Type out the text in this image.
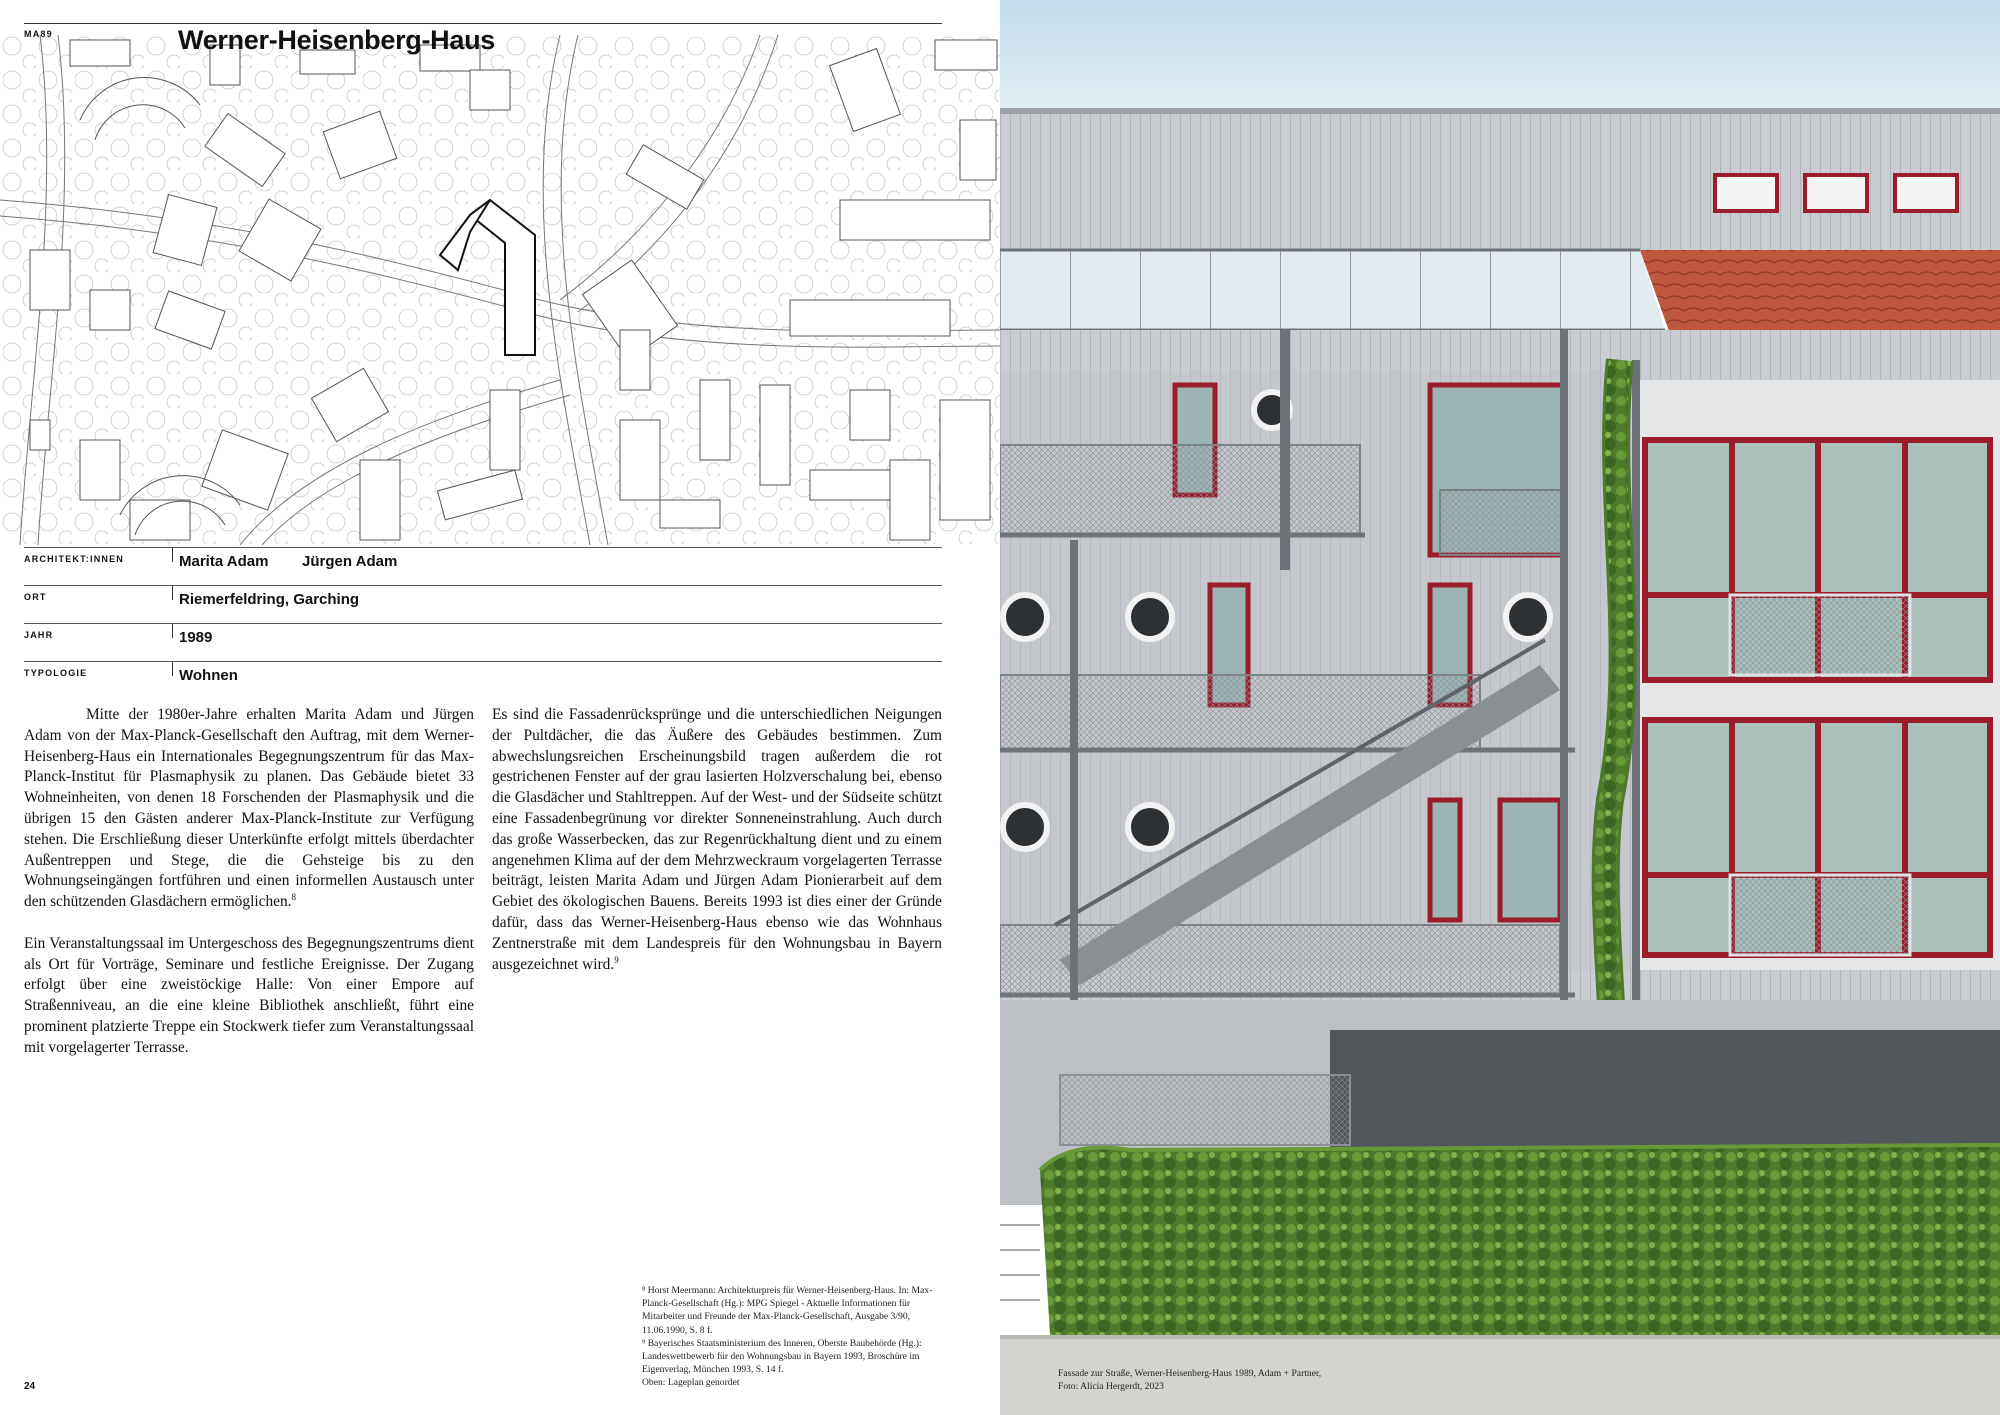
MA89	Werner-Heisenberg-Haus
ARCHITEKT:INNEN	Marita Adam Jürgen Adam
ORT	Riemerfeldring, Garching
JAHR	1989
TYPOLOGIE	Wohnen

Mitte der 1980er-Jahre erhalten Marita Adam und Jürgen Adam von der Max-Planck-Gesellschaft den Auftrag, mit dem Werner-Heisenberg-Haus ein Internationales Begegnungszentrum für das Max-Planck-Institut für Plasmaphysik zu planen. Das Gebäude bietet 33 Wohneinheiten, von denen 18 Forschenden der Plasmaphysik und die übrigen 15 den Gästen anderer Max-Planck-Institute zur Verfügung stehen. Die Erschließung dieser Unterkünfte erfolgt mittels überdachter Außentreppen und Stege, die die Gehsteige bis zu den Wohnungseingängen fortführen und einen informellen Austausch unter den schützenden Glasdächern ermöglichen.$^8$

Ein Veranstaltungssaal im Untergeschoss des Begegnungszentrums dient als Ort für Vorträge, Seminare und festliche Ereignisse. Der Zugang erfolgt über eine zweistöckige Halle: Von einer Empore auf Straßenniveau, an die eine kleine Bibliothek anschließt, führt eine prominent platzierte Treppe ein Stockwerk tiefer zum Veranstaltungssaal mit vorgelagerter Terrasse.

Es sind die Fassadenrücksprünge und die unterschiedlichen Neigungen der Pultdächer, die das Äußere des Gebäudes bestimmen. Zum abwechslungsreichen Erscheinungsbild tragen außerdem die rot gestrichenen Fenster auf der grau lasierten Holzverschalung bei, ebenso die Glasdächer und Stahltreppen. Auf der West- und der Südseite schützt eine Fassadenbegrünung vor direkter Sonneneinstrahlung. Auch durch das große Wasserbecken, das zur Regenrückhaltung dient und zu einem angenehmen Klima auf der dem Mehrzweckraum vorgelagerten Terrasse beiträgt, leisten Marita Adam und Jürgen Adam Pionierarbeit auf dem Gebiet des ökologischen Bauens. Bereits 1993 ist dies einer der Gründe dafür, dass das Werner-Heisenberg-Haus ebenso wie das Wohnhaus Zentnerstraße mit dem Landespreis für den Wohnungsbau in Bayern ausgezeichnet wird.$^9$

⁸ Horst Meermann: Architekturpreis für Werner-Heisenberg-Haus. In: Max-Planck-Gesellschaft (Hg.): MPG Spiegel - Aktuelle Informationen für Mitarbeiter und Freunde der Max-Planck-Gesellschaft, Ausgabe 3/90, 11.06.1990, S. 8 f.

⁹ Bayerisches Staatsministerium des Inneren, Oberste Baubehörde (Hg.): Landeswettbewerb für den Wohnungsbau in Bayern 1993, Broschüre im Eigenverlag, München 1993, S. 14 f.

Oben: Lageplan genordet

24
Fassade zur Straße, Werner-Heisenberg-Haus 1989, Adam + Partner,
Foto: Alicia Hergerdt, 2023
